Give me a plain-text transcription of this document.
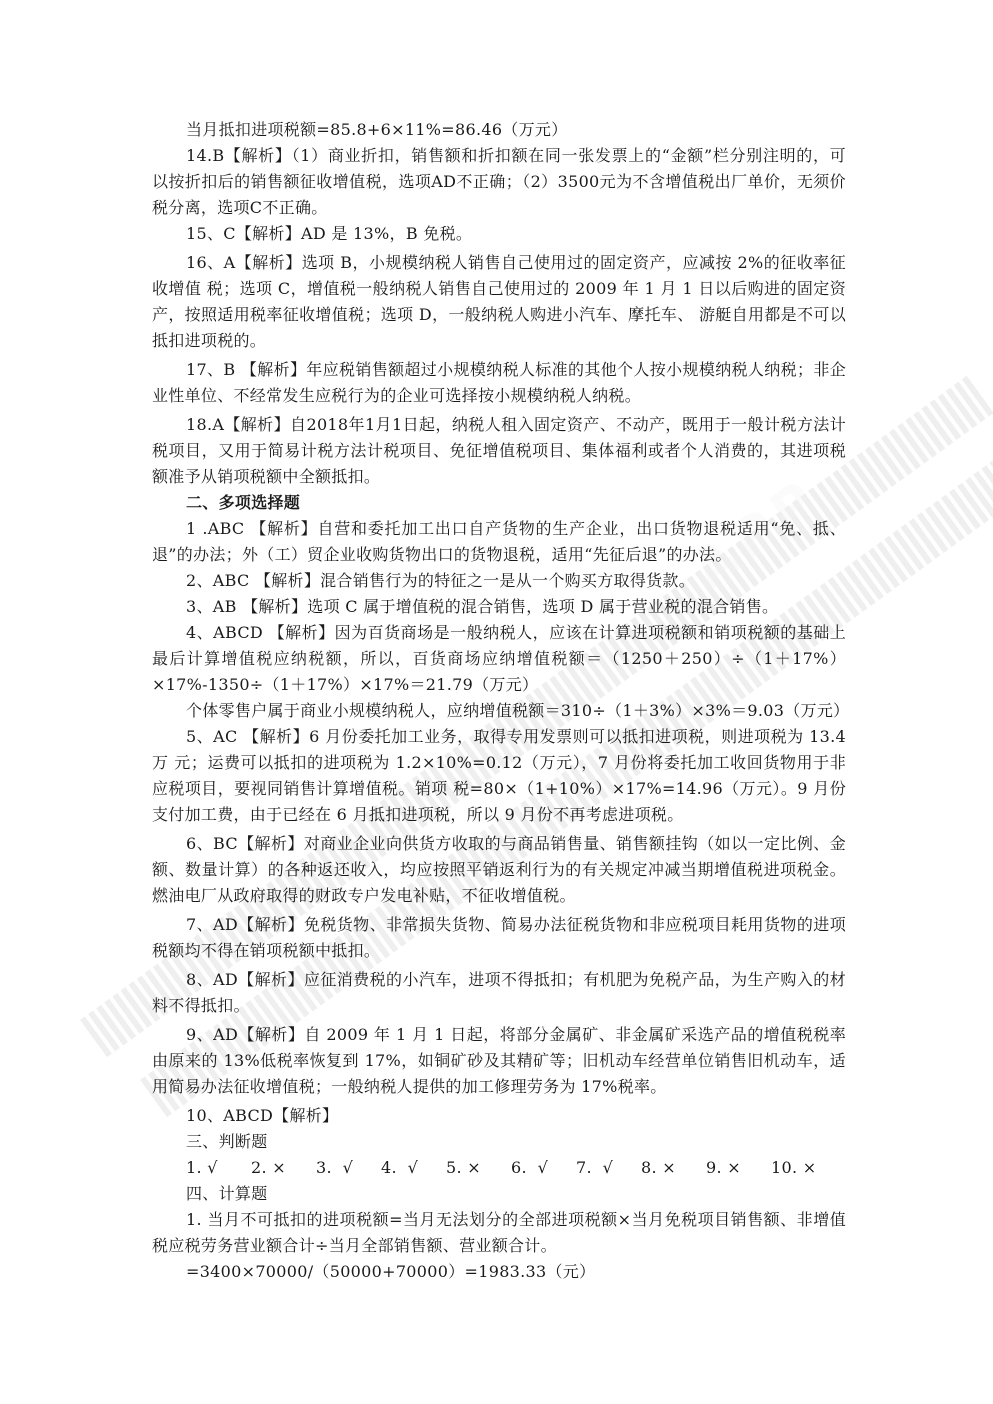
当月抵扣进项税额=85.8+6×11%=86.46（万元）

14.B【解析】（1）商业折扣，销售额和折扣额在同一张发票上的“金额”栏分别注明的，可以按折扣后的销售额征收增值税，选项AD不正确；（2）3500元为不含增值税出厂单价，无须价税分离，选项C不正确。

15、C【解析】AD 是 13%，B 免税。

16、A【解析】选项 B，小规模纳税人销售自己使用过的固定资产，应减按 2%的征收率征收增值 税；选项 C，增值税一般纳税人销售自己使用过的 2009 年 1 月 1 日以后购进的固定资产，按照适用税率征收增值税；选项 D，一般纳税人购进小汽车、摩托车、 游艇自用都是不可以抵扣进项税的。

17、B 【解析】年应税销售额超过小规模纳税人标准的其他个人按小规模纳税人纳税；非企业性单位、不经常发生应税行为的企业可选择按小规模纳税人纳税。

18.A【解析】自2018年1月1日起，纳税人租入固定资产、不动产，既用于一般计税方法计税项目，又用于简易计税方法计税项目、免征增值税项目、集体福利或者个人消费的，其进项税额准予从销项税额中全额抵扣。

二、多项选择题

1 .ABC 【解析】自营和委托加工出口自产货物的生产企业，出口货物退税适用“免、抵、退”的办法；外（工）贸企业收购货物出口的货物退税，适用“先征后退”的办法。

2、ABC 【解析】混合销售行为的特征之一是从一个购买方取得货款。

3、AB 【解析】选项 C 属于增值税的混合销售，选项 D 属于营业税的混合销售。

4、ABCD 【解析】因为百货商场是一般纳税人，应该在计算进项税额和销项税额的基础上最后计算增值税应纳税额，所以，百货商场应纳增值税额＝（1250＋250）÷（1＋17%）×17%-1350÷（1＋17%）×17%＝21.79（万元）

个体零售户属于商业小规模纳税人，应纳增值税额＝310÷（1＋3%）×3%＝9.03（万元）

5、AC 【解析】6 月份委托加工业务，取得专用发票则可以抵扣进项税，则进项税为 13.4 万 元；运费可以抵扣的进项税为 1.2×10%=0.12（万元），7 月份将委托加工收回货物用于非应税项目，要视同销售计算增值税。销项 税=80×（1+10%）×17%=14.96（万元）。9 月份支付加工费，由于已经在 6 月抵扣进项税，所以 9 月份不再考虑进项税。

6、BC【解析】对商业企业向供货方收取的与商品销售量、销售额挂钩（如以一定比例、金额、数量计算）的各种返还收入，均应按照平销返利行为的有关规定冲减当期增值税进项税金。燃油电厂从政府取得的财政专户发电补贴，不征收增值税。

7、AD【解析】免税货物、非常损失货物、简易办法征税货物和非应税项目耗用货物的进项税额均不得在销项税额中抵扣。

8、AD【解析】应征消费税的小汽车，进项不得抵扣；有机肥为免税产品，为生产购入的材料不得抵扣。

9、AD【解析】自 2009 年 1 月 1 日起，将部分金属矿、非金属矿采选产品的增值税税率由原来的 13%低税率恢复到 17%，如铜矿砂及其精矿等；旧机动车经营单位销售旧机动车，适用简易办法征收增值税；一般纳税人提供的加工修理劳务为 17%税率。

10、ABCD【解析】

三、判断题

1. √	2. ×	3.  √	4.  √	5. ×	6.  √	7.  √	8. ×	9. ×	10. ×

四、计算题

1. 当月不可抵扣的进项税额=当月无法划分的全部进项税额×当月免税项目销售额、非增值税应税劳务营业额合计÷当月全部销售额、营业额合计。

=3400×70000/（50000+70000）=1983.33（元）
